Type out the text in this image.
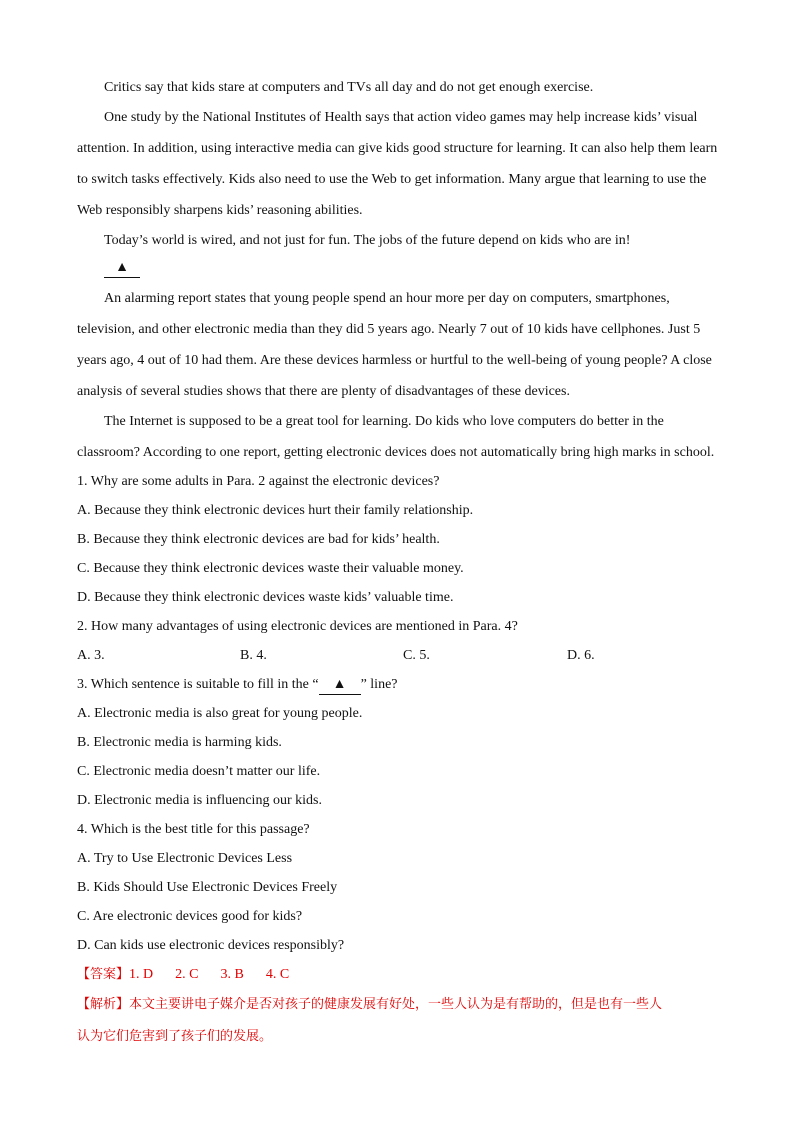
Critics say that kids stare at computers and TVs all day and do not get enough exercise.
One study by the National Institutes of Health says that action video games may help increase kids’ visual
attention. In addition, using interactive media can give kids good structure for learning. It can also help them learn
to switch tasks effectively. Kids also need to use the Web to get information. Many argue that learning to use the
Web responsibly sharpens kids’ reasoning abilities.
Today’s world is wired, and not just for fun. The jobs of the future depend on kids who are in!
▲
An alarming report states that young people spend an hour more per day on computers, smartphones,
television, and other electronic media than they did 5 years ago. Nearly 7 out of 10 kids have cellphones. Just 5
years ago, 4 out of 10 had them. Are these devices harmless or hurtful to the well-being of young people? A close
analysis of several studies shows that there are plenty of disadvantages of these devices.
The Internet is supposed to be a great tool for learning. Do kids who love computers do better in the
classroom? According to one report, getting electronic devices does not automatically bring high marks in school.
1. Why are some adults in Para. 2 against the electronic devices?
A. Because they think electronic devices hurt their family relationship.
B. Because they think electronic devices are bad for kids’ health.
C. Because they think electronic devices waste their valuable money.
D. Because they think electronic devices waste kids’ valuable time.
2. How many advantages of using electronic devices are mentioned in Para. 4?
A. 3.	B. 4.	C. 5.	D. 6.
3. Which sentence is suitable to fill in the “ ▲ ” line?
A. Electronic media is also great for young people.
B. Electronic media is harming kids.
C. Electronic media doesn’t matter our life.
D. Electronic media is influencing our kids.
4. Which is the best title for this passage?
A. Try to Use Electronic Devices Less
B. Kids Should Use Electronic Devices Freely
C. Are electronic devices good for kids?
D. Can kids use electronic devices responsibly?
【答案】1. D 2. C 3. B 4. C
【解析】本文主要讲电子媒介是否对孩子的健康发展有好处，一些人认为是有帮助的，但是也有一些人
认为它们危害到了孩子们的发展。
